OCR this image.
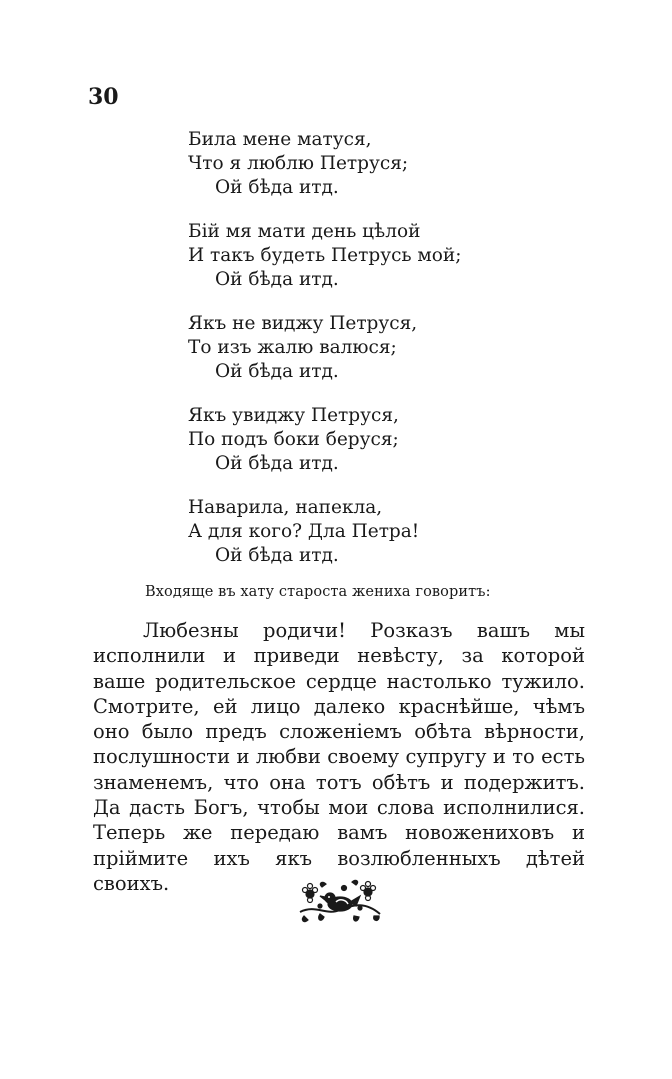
30
Била мене матуся,
Что я люблю Петруся;
Ой бѣда итд.
Бій мя мати день цѣлой
И такъ будеть Петрусь мой;
Ой бѣда итд.
Якъ не виджу Петруся,
То изъ жалю валюся;
Ой бѣда итд.
Якъ увиджу Петруся,
По подъ боки беруся;
Ой бѣда итд.
Наварила, напекла,
А для кого? Дла Петра!
Ой бѣда итд.
Входяще въ хату староста жениха говоритъ:

Любезны родичи! Розказъ вашъ мы исполнили и приведи невѣсту, за которой ваше родительское сердце настолько тужило. Смотрите, ей лицо далеко краснѣйше, чѣмъ оно было предъ сложеніемъ обѣта вѣрности, послушности и любви своему супругу и то есть знаменемъ, что она тотъ обѣтъ и подержитъ. Да дасть Богъ, чтобы мои слова исполнилися. Теперь же передаю вамъ новожениховъ и пріймите ихъ якъ возлюбленныхъ дѣтей своихъ.
